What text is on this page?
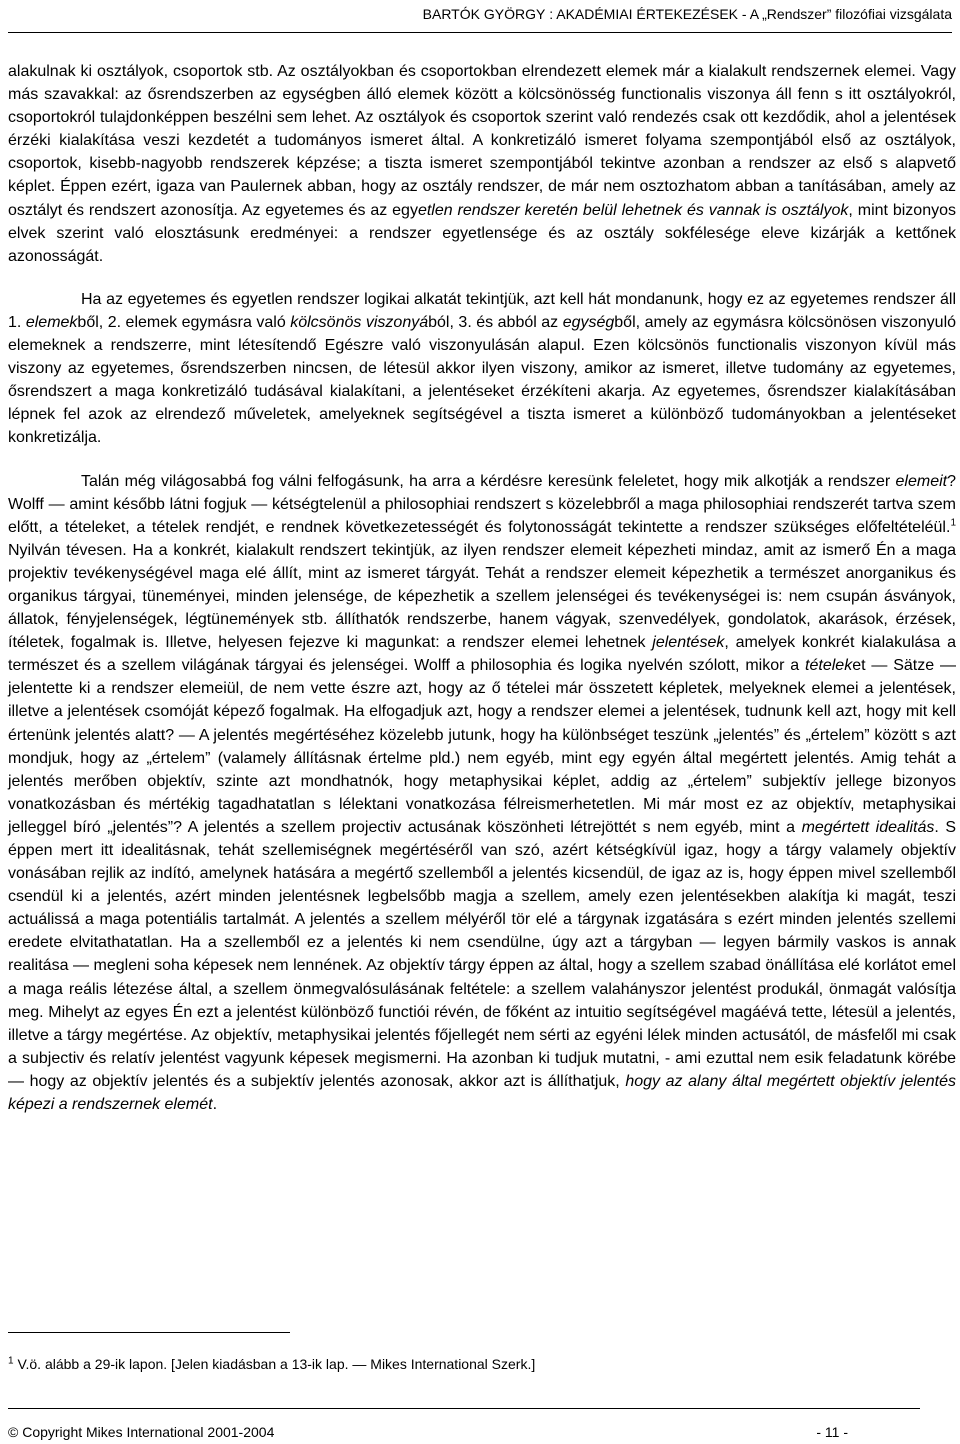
BARTÓK GYÖRGY : AKADÉMIAI ÉRTEKEZÉSEK - A „Rendszer” filozófiai vizsgálata

alakulnak ki osztályok, csoportok stb. Az osztályokban és csoportokban elrendezett elemek már a kialakult rendszernek elemei. Vagy más szavakkal: az ősrendszerben az egységben álló elemek között a kölcsönösség functionalis viszonya áll fenn s itt osztályokról, csoportokról tulajdonképpen beszélni sem lehet. Az osztályok és csoportok szerint való rendezés csak ott kezdődik, ahol a jelentések érzéki kialakítása veszi kezdetét a tudományos ismeret által. A konkretizáló ismeret folyama szempontjából első az osztályok, csoportok, kisebb-nagyobb rendszerek képzése; a tiszta ismeret szempontjából tekintve azonban a rendszer az első s alapvető képlet. Éppen ezért, igaza van Paulernek abban, hogy az osztály rendszer, de már nem osztozhatom abban a tanításában, amely az osztályt és rendszert azonosítja. Az egyetemes és az egyetlen rendszer keretén belül lehetnek és vannak is osztályok, mint bizonyos elvek szerint való elosztásunk eredményei: a rendszer egyetlensége és az osztály sokfélesége eleve kizárják a kettőnek azonosságát.

Ha az egyetemes és egyetlen rendszer logikai alkatát tekintjük, azt kell hát mondanunk, hogy ez az egyetemes rendszer áll 1. elemekből, 2. elemek egymásra való kölcsönös viszonyából, 3. és abból az egységből, amely az egymásra kölcsönösen viszonyuló elemeknek a rendszerre, mint létesítendő Egészre való viszonyulásán alapul. Ezen kölcsönös functionalis viszonyon kívül más viszony az egyetemes, ősrendszerben nincsen, de létesül akkor ilyen viszony, amikor az ismeret, illetve tudomány az egyetemes, ősrendszert a maga konkretizáló tudásával kialakítani, a jelentéseket érzékíteni akarja. Az egyetemes, ősrendszer kialakításában lépnek fel azok az elrendező műveletek, amelyeknek segítségével a tiszta ismeret a különböző tudományokban a jelentéseket konkretizálja.

Talán még világosabbá fog válni felfogásunk, ha arra a kérdésre keresünk feleletet, hogy mik alkotják a rendszer elemeit? Wolff — amint később látni fogjuk — kétségtelenül a philosophiai rendszert s közelebbről a maga philosophiai rendszerét tartva szem előtt, a tételeket, a tételek rendjét, e rendnek következetességét és folytonosságát tekintette a rendszer szükséges előfeltételéül.$^1$ Nyilván tévesen. Ha a konkrét, kialakult rendszert tekintjük, az ilyen rendszer elemeit képezheti mindaz, amit az ismerő Én a maga projektiv tevékenységével maga elé állít, mint az ismeret tárgyát. Tehát a rendszer elemeit képezhetik a természet anorganikus és organikus tárgyai, tüneményei, minden jelensége, de képezhetik a szellem jelenségei és tevékenységei is: nem csupán ásványok, állatok, fényjelenségek, légtünemények stb. állíthatók rendszerbe, hanem vágyak, szenvedélyek, gondolatok, akarások, érzések, ítéletek, fogalmak is. Illetve, helyesen fejezve ki magunkat: a rendszer elemei lehetnek jelentések, amelyek konkrét kialakulása a természet és a szellem világának tárgyai és jelenségei. Wolff a philosophia és logika nyelvén szólott, mikor a tételeket — Sätze — jelentette ki a rendszer elemeiül, de nem vette észre azt, hogy az ő tételei már összetett képletek, melyeknek elemei a jelentések, illetve a jelentések csomóját képező fogalmak. Ha elfogadjuk azt, hogy a rendszer elemei a jelentések, tudnunk kell azt, hogy mit kell értenünk jelentés alatt? — A jelentés megértéséhez közelebb jutunk, hogy ha különbséget teszünk „jelentés” és „értelem” között s azt mondjuk, hogy az „értelem” (valamely állításnak értelme pld.) nem egyéb, mint egy egyén által megértett jelentés. Amig tehát a jelentés merőben objektív, szinte azt mondhatnók, hogy metaphysikai képlet, addig az „értelem” subjektív jellege bizonyos vonatkozásban és mértékig tagadhatatlan s lélektani vonatkozása félreismerhetetlen. Mi már most ez az objektív, metaphysikai jelleggel bíró „jelentés”? A jelentés a szellem projectiv actusának köszönheti létrejöttét s nem egyéb, mint a megértett idealitás. S éppen mert itt idealitásnak, tehát szellemiségnek megértéséről van szó, azért kétségkívül igaz, hogy a tárgy valamely objektív vonásában rejlik az indító, amelynek hatására a megértő szellemből a jelentés kicsendül, de igaz az is, hogy éppen mivel szellemből csendül ki a jelentés, azért minden jelentésnek legbelsőbb magja a szellem, amely ezen jelentésekben alakítja ki magát, teszi actuálissá a maga potentiális tartalmát. A jelentés a szellem mélyéről tör elé a tárgynak izgatására s ezért minden jelentés szellemi eredete elvitathatatlan. Ha a szellemből ez a jelentés ki nem csendülne, úgy azt a tárgyban — legyen bármily vaskos is annak realitása — megleni soha képesek nem lennének. Az objektív tárgy éppen az által, hogy a szellem szabad önállítása elé korlátot emel a maga reális létezése által, a szellem önmegvalósulásának feltétele: a szellem valahányszor jelentést produkál, önmagát valósítja meg. Mihelyt az egyes Én ezt a jelentést különböző functiói révén, de főként az intuitio segítségével magáévá tette, létesül a jelentés, illetve a tárgy megértése. Az objektív, metaphysikai jelentés főjellegét nem sérti az egyéni lélek minden actusától, de másfelől mi csak a subjectiv és relatív jelentést vagyunk képesek megismerni. Ha azonban ki tudjuk mutatni, - ami ezuttal nem esik feladatunk körébe — hogy az objektív jelentés és a subjektív jelentés azonosak, akkor azt is állíthatjuk, hogy az alany által megértett objektív jelentés képezi a rendszernek elemét.

$^1$ V.ö. alább a 29-ik lapon. [Jelen kiadásban a 13-ik lap. — Mikes International Szerk.]
© Copyright Mikes International 2001-2004	- 11 -
